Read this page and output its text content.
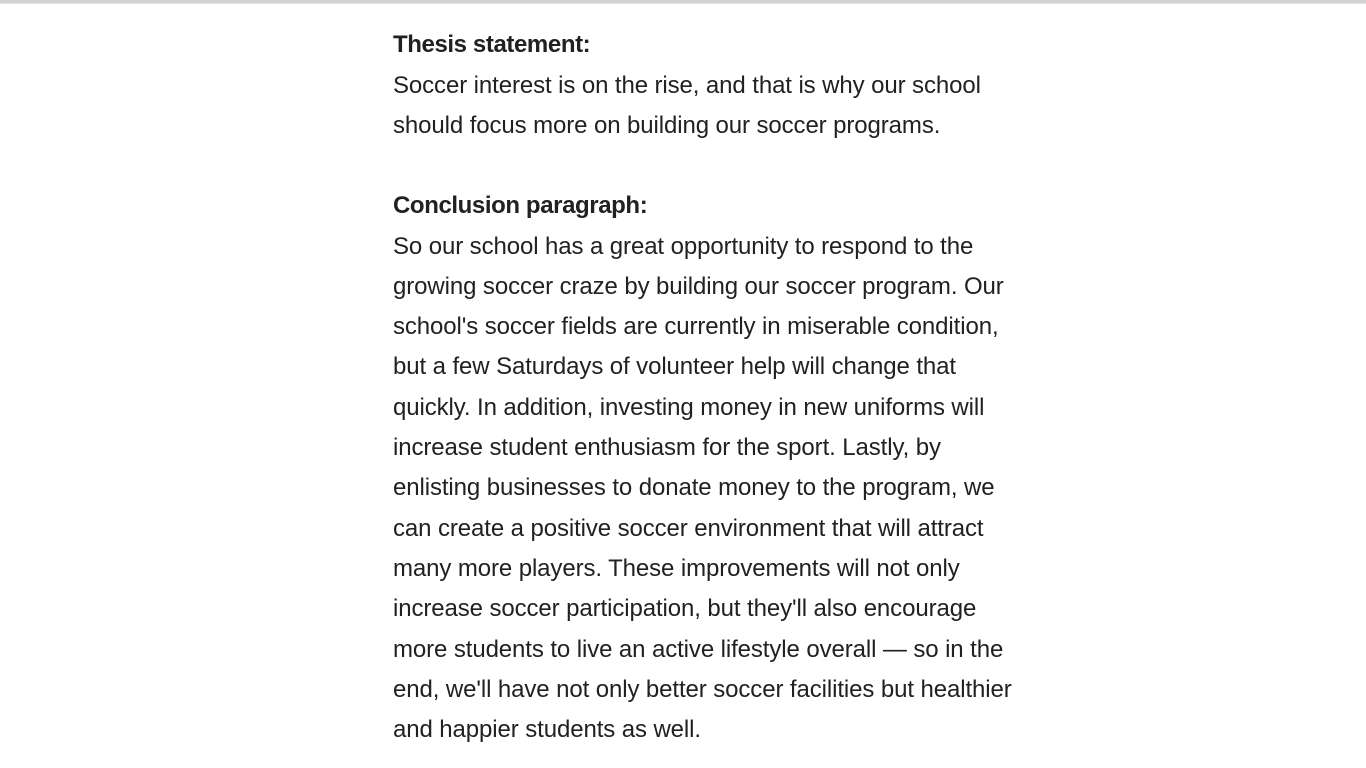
Thesis statement:

Soccer interest is on the rise, and that is why our school
should focus more on building our soccer programs.

Conclusion paragraph:

So our school has a great opportunity to respond to the
growing soccer craze by building our soccer program. Our
school's soccer fields are currently in miserable condition,
but a few Saturdays of volunteer help will change that
quickly. In addition, investing money in new uniforms will
increase student enthusiasm for the sport. Lastly, by
enlisting businesses to donate money to the program, we
can create a positive soccer environment that will attract
many more players. These improvements will not only
increase soccer participation, but they'll also encourage
more students to live an active lifestyle overall — so in the
end, we'll have not only better soccer facilities but healthier
and happier students as well.
